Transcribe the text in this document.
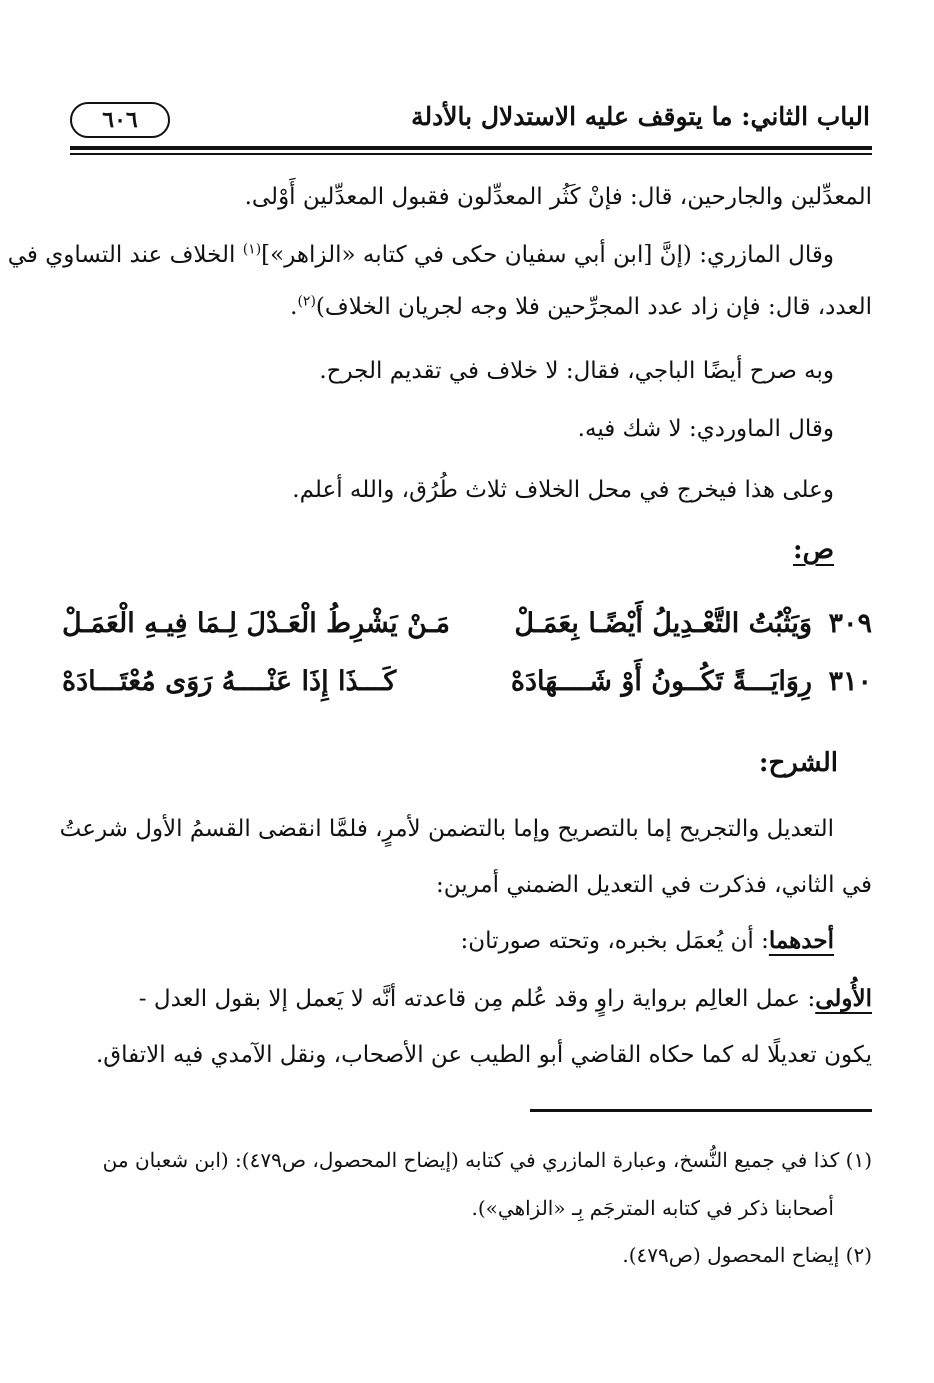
الباب الثاني: ما يتوقف عليه الاستدلال بالأدلة
٦٠٦
المعدِّلين والجارحين، قال: فإنْ كَثُر المعدِّلون فقبول المعدِّلين أَوْلى.
وقال المازري: (إنَّ [ابن أبي سفيان حكى في كتابه «الزاهر»]$^{(١)}$ الخلاف عند التساوي في
العدد، قال: فإن زاد عدد المجرِّحين فلا وجه لجريان الخلاف)$^{(٢)}$.
وبه صرح أيضًا الباجي، فقال: لا خلاف في تقديم الجرح.
وقال الماوردي: لا شك فيه.
وعلى هذا فيخرج في محل الخلاف ثلاث طُرُق، والله أعلم.
ص:
٣٠٩
وَيَثْبُتُ التَّعْـدِيلُ أَيْضًـا بِعَمَـلْ
مَـنْ يَشْرِطُ الْعَـدْلَ لِـمَا فِيـهِ الْعَمَـلْ
٣١٠
رِوَايَـــةً تَكُــونُ أَوْ شَــــهَادَهْ
كَـــذَا إِذَا عَنْــــهُ رَوَى مُعْتَـــادَهْ
الشرح:
التعديل والتجريح إما بالتصريح وإما بالتضمن لأمرٍ، فلمَّا انقضى القسمُ الأول شرعتُ
في الثاني، فذكرت في التعديل الضمني أمرين:
أحدهما: أن يُعمَل بخبره، وتحته صورتان:
الأُولى: عمل العالِم برواية راوٍ وقد عُلم مِن قاعدته أنَّه لا يَعمل إلا بقول العدل -
يكون تعديلًا له كما حكاه القاضي أبو الطيب عن الأصحاب، ونقل الآمدي فيه الاتفاق.
(١) كذا في جميع النُّسخ، وعبارة المازري في كتابه (إيضاح المحصول، ص٤٧٩): (ابن شعبان من
أصحابنا ذكر في كتابه المترجَم بِـ «الزاهي»).
(٢) إيضاح المحصول (ص٤٧٩).
